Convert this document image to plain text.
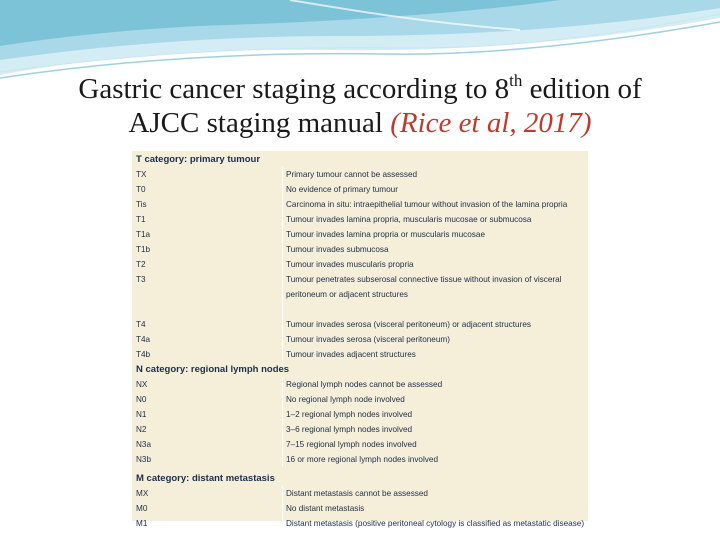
Gastric cancer staging according to 8th edition of
AJCC staging manual (Rice et al, 2017)
T category: primary tumour
TX	Primary tumour cannot be assessed
T0	No evidence of primary tumour
Tis	Carcinoma in situ: intraepithelial tumour without invasion of the lamina propria
T1	Tumour invades lamina propria, muscularis mucosae or submucosa
T1a	Tumour invades lamina propria or muscularis mucosae
T1b	Tumour invades submucosa
T2	Tumour invades muscularis propria
T3	Tumour penetrates subserosal connective tissue without invasion of visceral
peritoneum or adjacent structures
T4	Tumour invades serosa (visceral peritoneum) or adjacent structures
T4a	Tumour invades serosa (visceral peritoneum)
T4b	Tumour invades adjacent structures
N category: regional lymph nodes
NX	Regional lymph nodes cannot be assessed
N0	No regional lymph node involved
N1	1–2 regional lymph nodes involved
N2	3–6 regional lymph nodes involved
N3a	7–15 regional lymph nodes involved
N3b	16 or more regional lymph nodes involved
M category: distant metastasis
MX	Distant metastasis cannot be assessed
M0	No distant metastasis
M1	Distant metastasis (positive peritoneal cytology is classified as metastatic disease)
